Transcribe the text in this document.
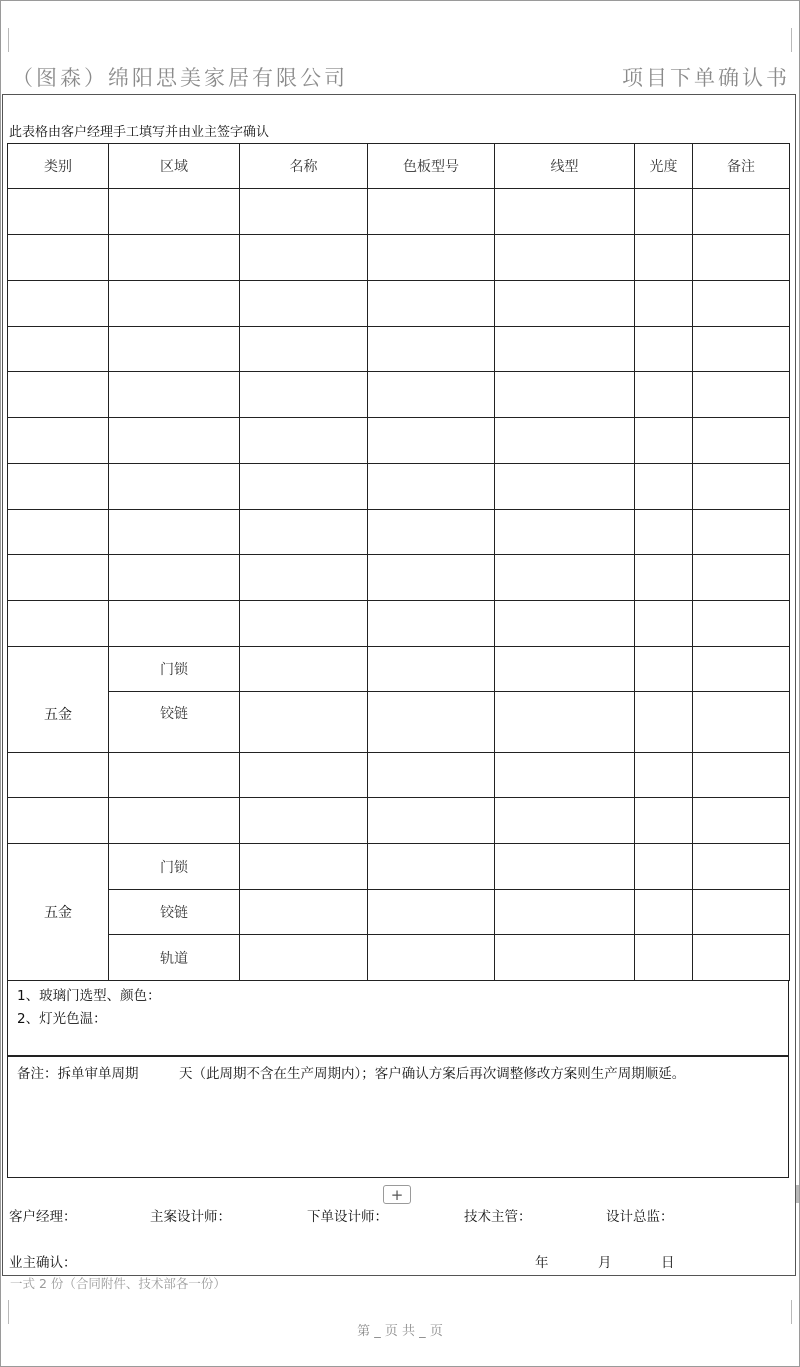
（图森）绵阳思美家居有限公司	项目下单确认书
此表格由客户经理手工填写并由业主签字确认
类别	区域	名称	色板型号	线型	光度	备注

五金	门锁					

	铰链					

五金	门锁					
	铰链					
	轨道					
1、玻璃门选型、颜色：
2、灯光色温：
备注：拆单审单周期　　　天（此周期不含在生产周期内）；客户确认方案后再次调整修改方案则生产周期顺延。
+
客户经理：	主案设计师：	下单设计师：	技术主管：	设计总监：
业主确认：	年	月	日
一式 2 份（合同附件、技术部各一份）
第 _ 页 共 _ 页
